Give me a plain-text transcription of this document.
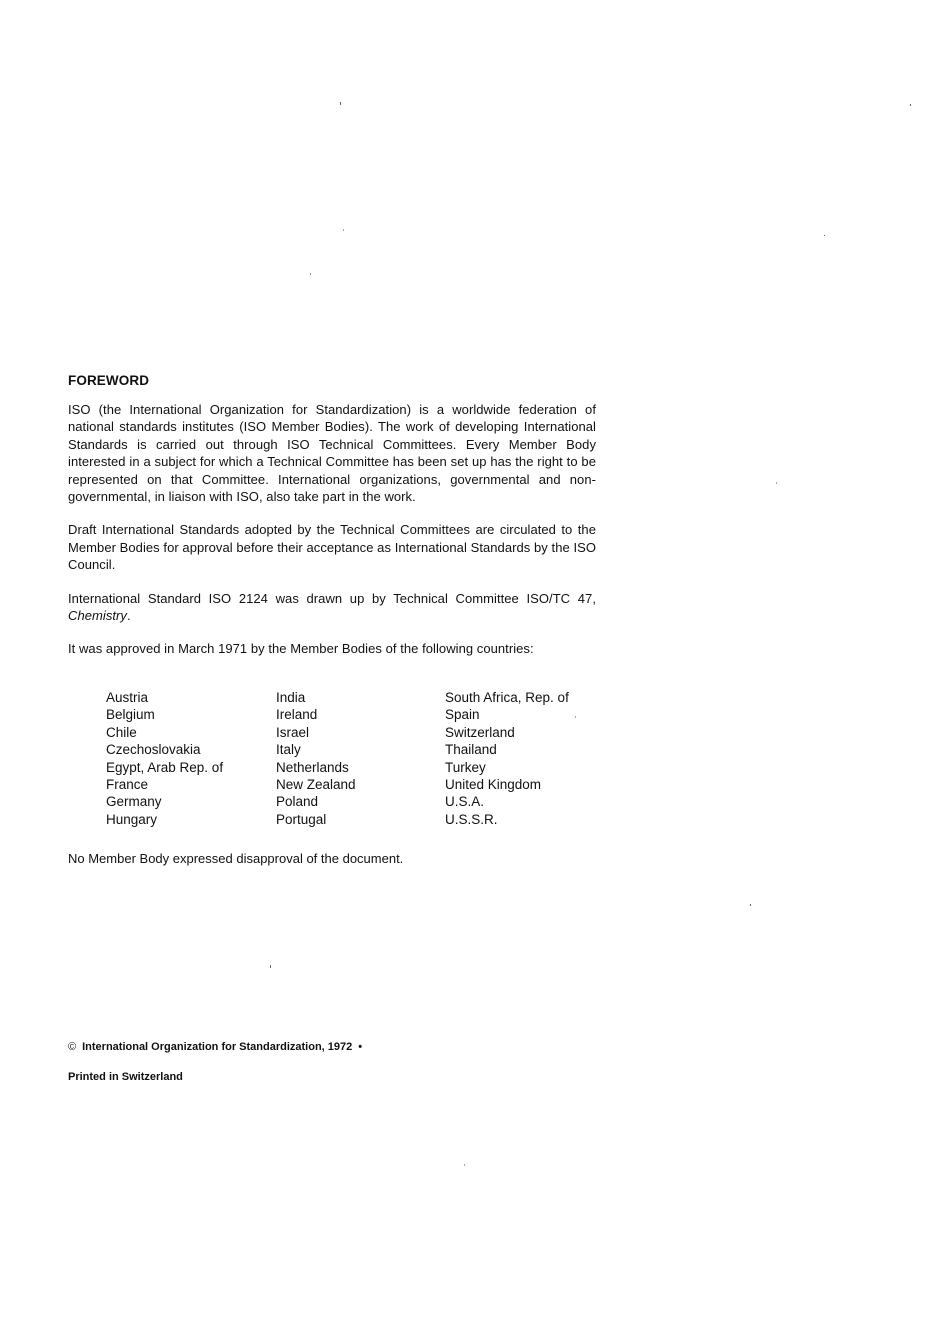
FOREWORD

ISO (the International Organization for Standardization) is a worldwide federation of national standards institutes (ISO Member Bodies). The work of developing International Standards is carried out through ISO Technical Committees. Every Member Body interested in a subject for which a Technical Committee has been set up has the right to be represented on that Committee. International organizations, governmental and non-governmental, in liaison with ISO, also take part in the work.

Draft International Standards adopted by the Technical Committees are circulated to the Member Bodies for approval before their acceptance as International Standards by the ISO Council.

International Standard ISO 2124 was drawn up by Technical Committee ISO/TC 47, Chemistry.

It was approved in March 1971 by the Member Bodies of the following countries:

Austria
Belgium
Chile
Czechoslovakia
Egypt, Arab Rep. of
France
Germany
Hungary
India
Ireland
Israel
Italy
Netherlands
New Zealand
Poland
Portugal
South Africa, Rep. of
Spain
Switzerland
Thailand
Turkey
United Kingdom
U.S.A.
U.S.S.R.
No Member Body expressed disapproval of the document.
© International Organization for Standardization, 1972 •
Printed in Switzerland
